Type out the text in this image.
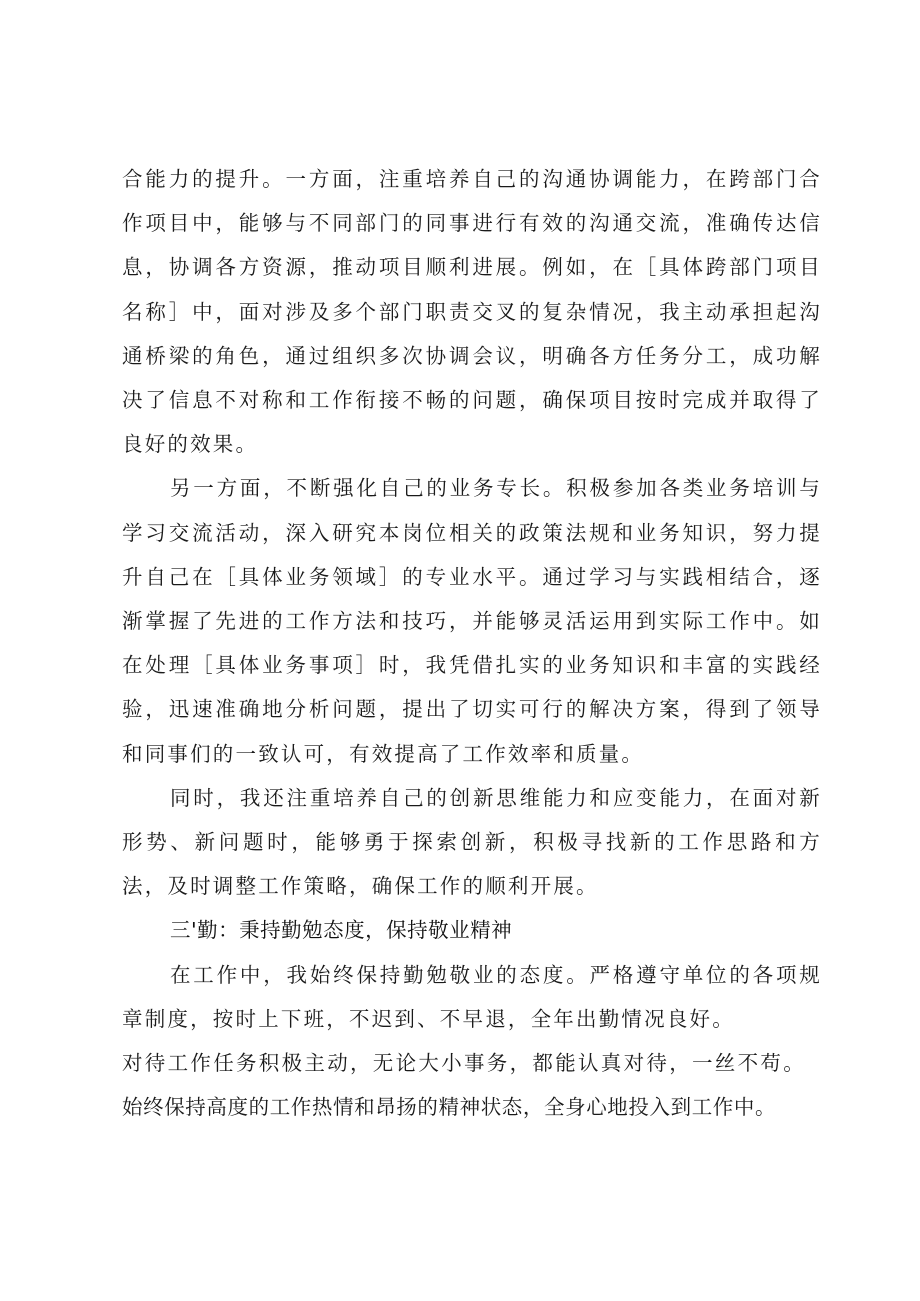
合能力的提升。一方面，注重培养自己的沟通协调能力，在跨部门合作项目中，能够与不同部门的同事进行有效的沟通交流，准确传达信息，协调各方资源，推动项目顺利进展。例如，在［具体跨部门项目名称］中，面对涉及多个部门职责交叉的复杂情况，我主动承担起沟通桥梁的角色，通过组织多次协调会议，明确各方任务分工，成功解决了信息不对称和工作衔接不畅的问题，确保项目按时完成并取得了良好的效果。

另一方面，不断强化自己的业务专长。积极参加各类业务培训与学习交流活动，深入研究本岗位相关的政策法规和业务知识，努力提升自己在［具体业务领域］的专业水平。通过学习与实践相结合，逐渐掌握了先进的工作方法和技巧，并能够灵活运用到实际工作中。如在处理［具体业务事项］时，我凭借扎实的业务知识和丰富的实践经验，迅速准确地分析问题，提出了切实可行的解决方案，得到了领导和同事们的一致认可，有效提高了工作效率和质量。

同时，我还注重培养自己的创新思维能力和应变能力，在面对新形势、新问题时，能够勇于探索创新，积极寻找新的工作思路和方法，及时调整工作策略，确保工作的顺利开展。

三'勤：秉持勤勉态度，保持敬业精神

在工作中，我始终保持勤勉敬业的态度。严格遵守单位的各项规章制度，按时上下班，不迟到、不早退，全年出勤情况良好。

对待工作任务积极主动，无论大小事务，都能认真对待，一丝不苟。

始终保持高度的工作热情和昂扬的精神状态，全身心地投入到工作中。
